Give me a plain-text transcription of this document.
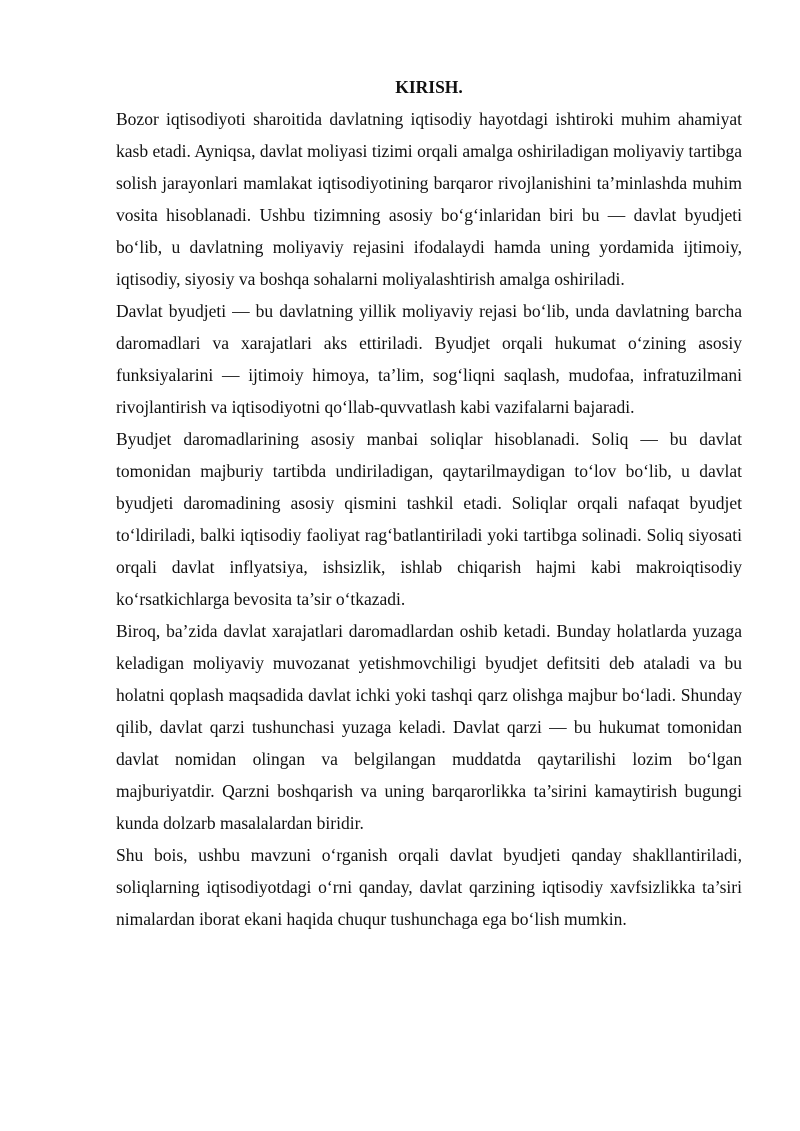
KIRISH.

Bozor iqtisodiyoti sharoitida davlatning iqtisodiy hayotdagi ishtiroki muhim ahamiyat kasb etadi. Ayniqsa, davlat moliyasi tizimi orqali amalga oshiriladigan moliyaviy tartibga solish jarayonlari mamlakat iqtisodiyotining barqaror rivojlanishini ta’minlashda muhim vosita hisoblanadi. Ushbu tizimning asosiy bo‘g‘inlaridan biri bu — davlat byudjeti bo‘lib, u davlatning moliyaviy rejasini ifodalaydi hamda uning yordamida ijtimoiy, iqtisodiy, siyosiy va boshqa sohalarni moliyalashtirish amalga oshiriladi.

Davlat byudjeti — bu davlatning yillik moliyaviy rejasi bo‘lib, unda davlatning barcha daromadlari va xarajatlari aks ettiriladi. Byudjet orqali hukumat o‘zining asosiy funksiyalarini — ijtimoiy himoya, ta’lim, sog‘liqni saqlash, mudofaa, infratuzilmani rivojlantirish va iqtisodiyotni qo‘llab-quvvatlash kabi vazifalarni bajaradi.

Byudjet daromadlarining asosiy manbai soliqlar hisoblanadi. Soliq — bu davlat tomonidan majburiy tartibda undiriladigan, qaytarilmaydigan to‘lov bo‘lib, u davlat byudjeti daromadining asosiy qismini tashkil etadi. Soliqlar orqali nafaqat byudjet to‘ldiriladi, balki iqtisodiy faoliyat rag‘batlantiriladi yoki tartibga solinadi. Soliq siyosati orqali davlat inflyatsiya, ishsizlik, ishlab chiqarish hajmi kabi makroiqtisodiy ko‘rsatkichlarga bevosita ta’sir o‘tkazadi.

Biroq, ba’zida davlat xarajatlari daromadlardan oshib ketadi. Bunday holatlarda yuzaga keladigan moliyaviy muvozanat yetishmovchiligi byudjet defitsiti deb ataladi va bu holatni qoplash maqsadida davlat ichki yoki tashqi qarz olishga majbur bo‘ladi. Shunday qilib, davlat qarzi tushunchasi yuzaga keladi. Davlat qarzi — bu hukumat tomonidan davlat nomidan olingan va belgilangan muddatda qaytarilishi lozim bo‘lgan majburiyatdir. Qarzni boshqarish va uning barqarorlikka ta’sirini kamaytirish bugungi kunda dolzarb masalalardan biridir.

Shu bois, ushbu mavzuni o‘rganish orqali davlat byudjeti qanday shakllantiriladi, soliqlarning iqtisodiyotdagi o‘rni qanday, davlat qarzining iqtisodiy xavfsizlikka ta’siri nimalardan iborat ekani haqida chuqur tushunchaga ega bo‘lish mumkin.
